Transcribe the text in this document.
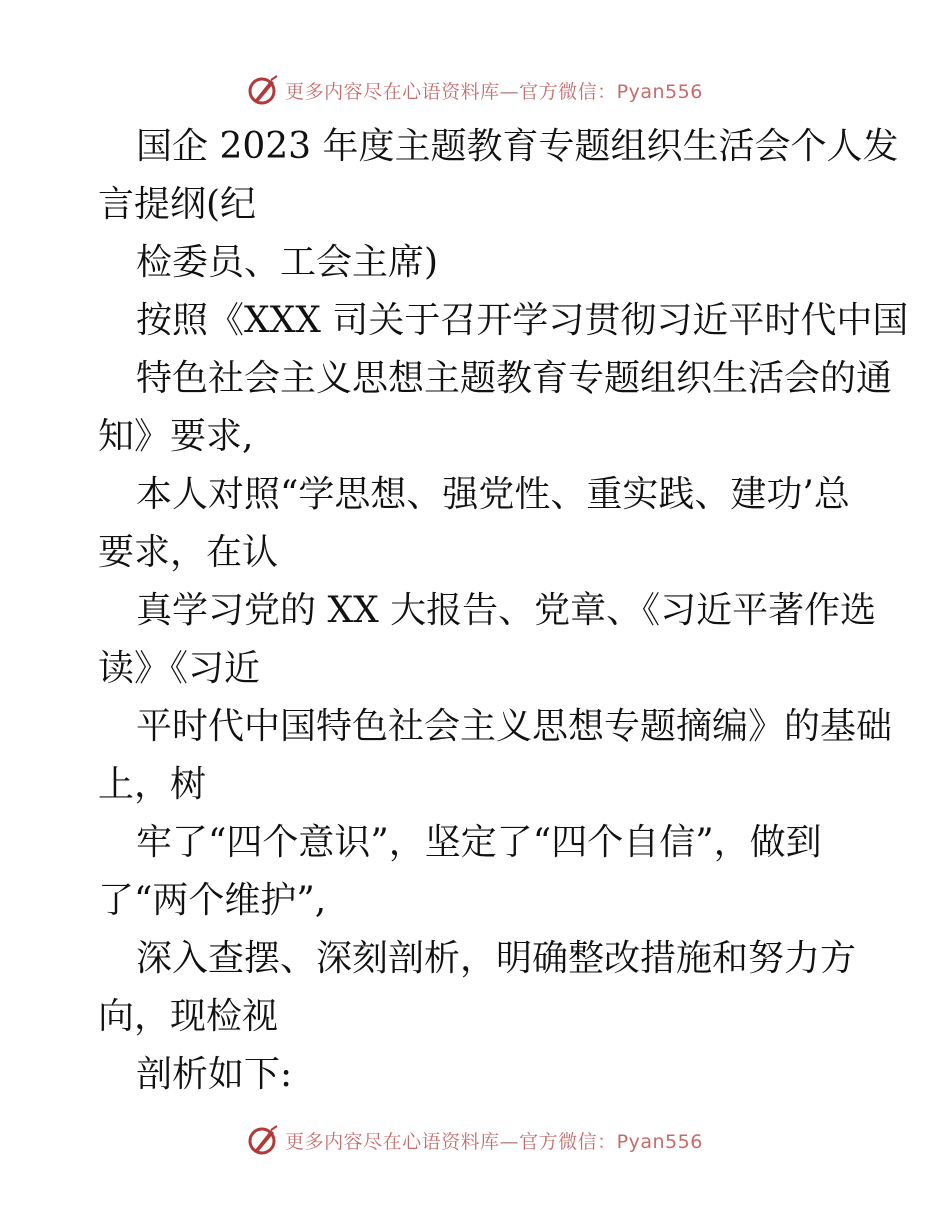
更多内容尽在心语资料库—官方微信：Pyan556
国企 2023 年度主题教育专题组织生活会个人发
言提纲(纪
检委员、工会主席)
按照《XXX 司关于召开学习贯彻习近平时代中国
特色社会主义思想主题教育专题组织生活会的通
知》要求,
本人对照“学思想、强党性、重实践、建功’总
要求，在认
真学习党的 XX 大报告、党章、《习近平著作选
读》《习近
平时代中国特色社会主义思想专题摘编》的基础
上，树
牢了“四个意识”，坚定了“四个自信”，做到
了“两个维护”,
深入查摆、深刻剖析，明确整改措施和努力方
向，现检视
剖析如下:
更多内容尽在心语资料库—官方微信：Pyan556
